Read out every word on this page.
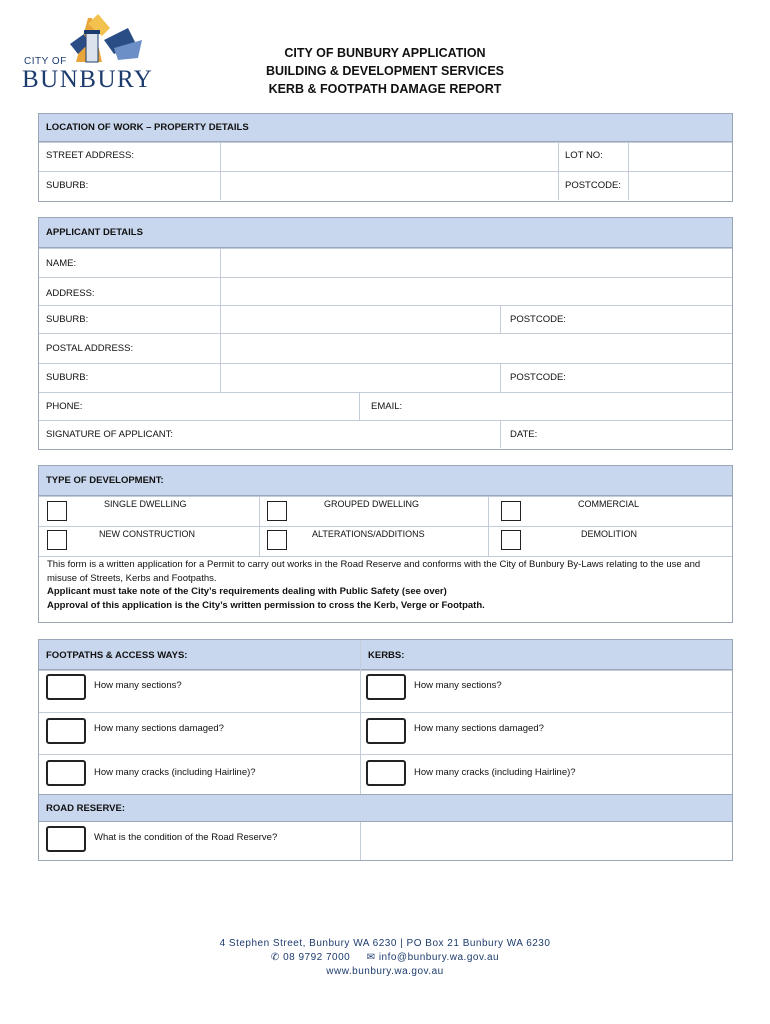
CITY OF
BUNBURY
CITY OF BUNBURY APPLICATION
BUILDING & DEVELOPMENT SERVICES
KERB & FOOTPATH DAMAGE REPORT
LOCATION OF WORK – PROPERTY DETAILS
STREET ADDRESS:	LOT NO:
SUBURB:	POSTCODE:
APPLICANT DETAILS
NAME:
ADDRESS:
SUBURB:	POSTCODE:
POSTAL ADDRESS:
SUBURB:	POSTCODE:
PHONE:	EMAIL:
SIGNATURE OF APPLICANT:	DATE:
TYPE OF DEVELOPMENT:
SINGLE DWELLING	GROUPED DWELLING	COMMERCIAL
NEW CONSTRUCTION	ALTERATIONS/ADDITIONS	DEMOLITION
This form is a written application for a Permit to carry out works in the Road Reserve and conforms with the City of Bunbury By-Laws relating to the use and misuse of Streets, Kerbs and Footpaths.
Applicant must take note of the City’s requirements dealing with Public Safety (see over)
Approval of this application is the City’s written permission to cross the Kerb, Verge or Footpath.
FOOTPATHS & ACCESS WAYS:	KERBS:
How many sections?	How many sections?
How many sections damaged?	How many sections damaged?
How many cracks (including Hairline)?	How many cracks (including Hairline)?
ROAD RESERVE:
What is the condition of the Road Reserve?
4 Stephen Street, Bunbury WA 6230 | PO Box 21 Bunbury WA 6230
✆ 08 9792 7000 ✉ info@bunbury.wa.gov.au
www.bunbury.wa.gov.au
